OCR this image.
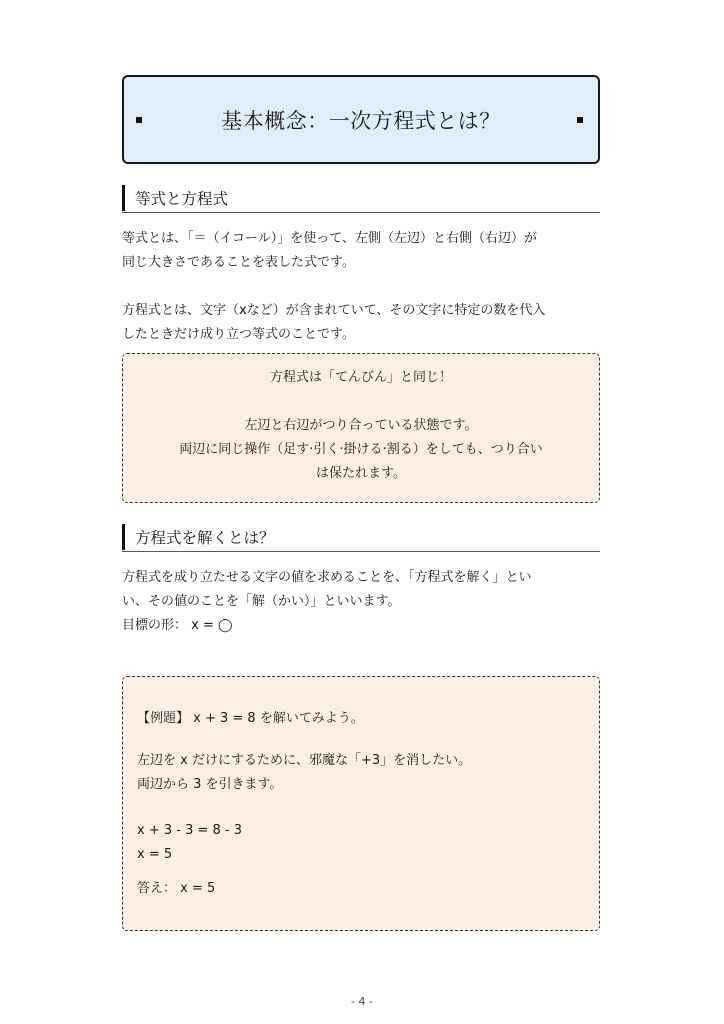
基本概念：一次方程式とは？
等式と方程式

等式とは、「＝（イコール）」を使って、左側（左辺）と右側（右辺）が

同じ大きさであることを表した式です。

方程式とは、文字（xなど）が含まれていて、その文字に特定の数を代入

したときだけ成り立つ等式のことです。

方程式は「てんびん」と同じ！

左辺と右辺がつり合っている状態です。

両辺に同じ操作（足す·引く·掛ける·割る）をしても、つり合い

は保たれます。

方程式を解くとは？

方程式を成り立たせる文字の値を求めることを、「方程式を解く」とい

い、その値のことを「解（かい）」といいます。

目標の形： x = ◯

【例題】 x + 3 = 8 を解いてみよう。

左辺を x だけにするために、邪魔な「+3」を消したい。

両辺から 3 を引きます。

x + 3 - 3 = 8 - 3

x = 5

答え： x = 5

- 4 -
